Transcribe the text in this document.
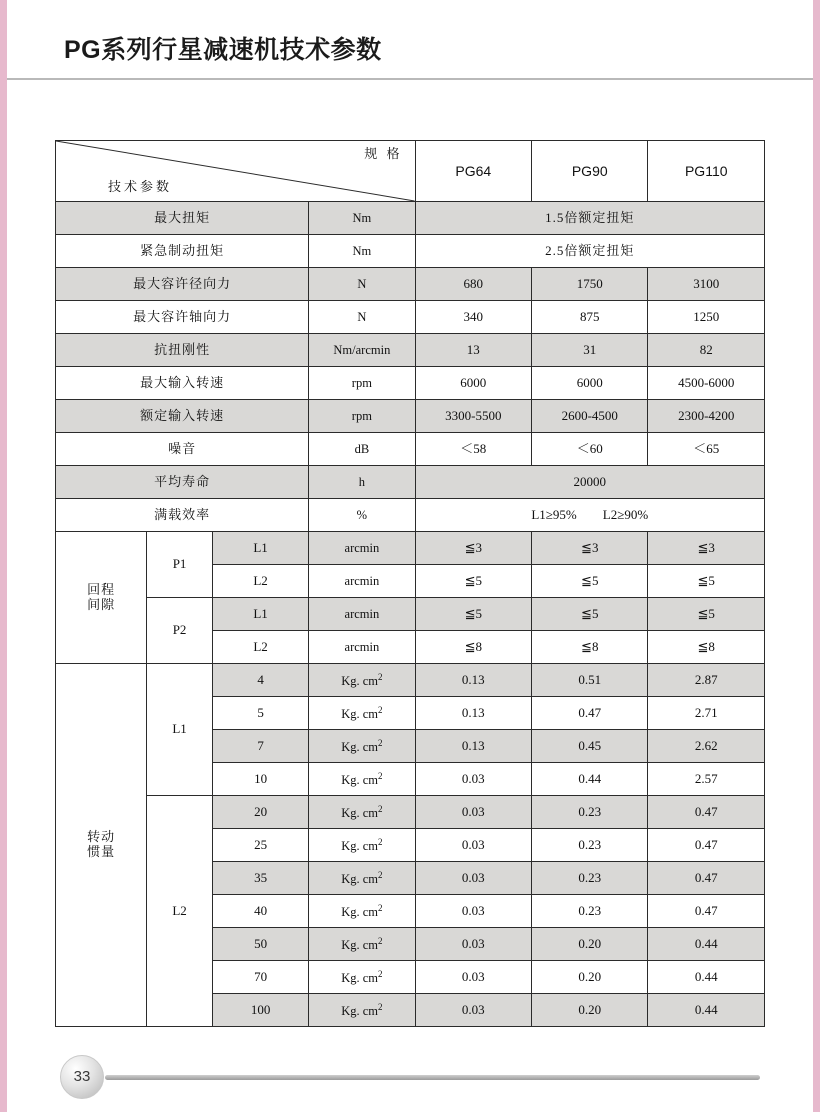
PG系列行星减速机技术参数
规 格
技术参数				PG64	PG90	PG110
最大扭矩			Nm	1.5倍额定扭矩		
紧急制动扭矩			Nm	2.5倍额定扭矩		
最大容许径向力			N	680	1750	3100
最大容许轴向力			N	340	875	1250
抗扭刚性			Nm/arcmin	13	31	82
最大输入转速			rpm	6000	6000	4500-6000
额定输入转速			rpm	3300-5500	2600-4500	2300-4200
噪音			dB	＜58	＜60	＜65
平均寿命			h	20000		
满载效率			%	L1≥95%　　L2≥90%		
回程
间隙	P1	L1	arcmin	≦3	≦3	≦3
		L2	arcmin	≦5	≦5	≦5
	P2	L1	arcmin	≦5	≦5	≦5
		L2	arcmin	≦8	≦8	≦8
转动
惯量	L1	4	Kg. $cm^2$	0.13	0.51	2.87
		5	Kg. $cm^2$	0.13	0.47	2.71
		7	Kg. $cm^2$	0.13	0.45	2.62
		10	Kg. $cm^2$	0.03	0.44	2.57
	L2	20	Kg. $cm^2$	0.03	0.23	0.47
		25	Kg. $cm^2$	0.03	0.23	0.47
		35	Kg. $cm^2$	0.03	0.23	0.47
		40	Kg. $cm^2$	0.03	0.23	0.47
		50	Kg. $cm^2$	0.03	0.20	0.44
		70	Kg. $cm^2$	0.03	0.20	0.44
		100	Kg. $cm^2$	0.03	0.20	0.44
33
